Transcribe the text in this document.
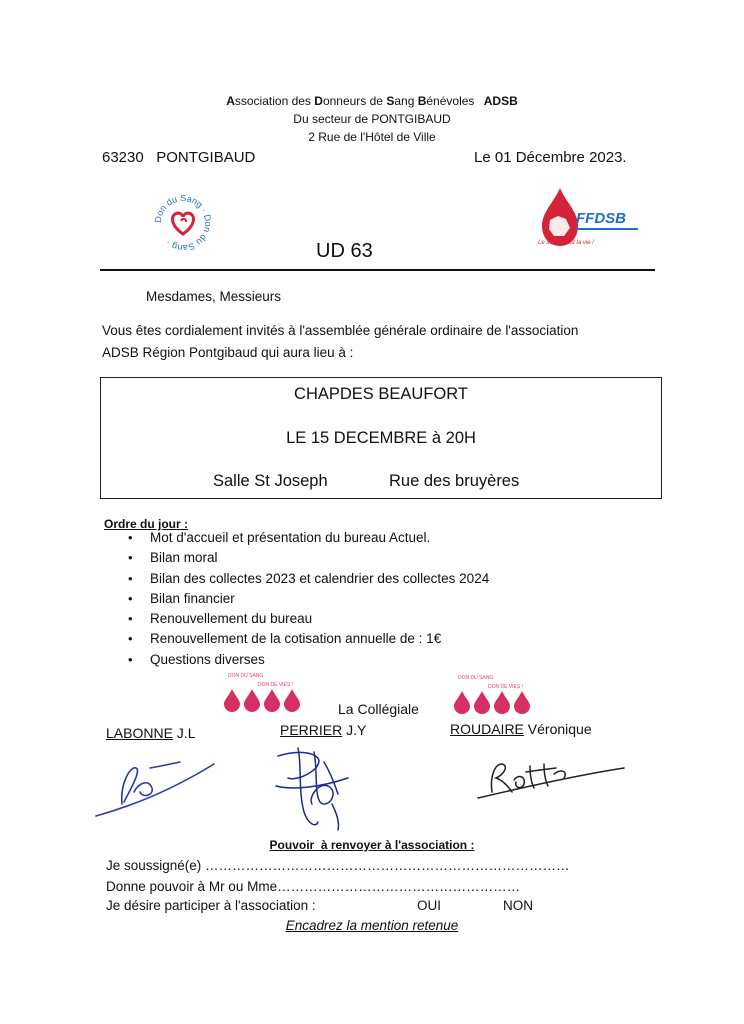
Association des Donneurs de Sang Bénévoles ADSB
Du secteur de PONTGIBAUD
2 Rue de l'Hôtel de Ville
63230   PONTGIBAUD	Le 01 Décembre 2023.
Don du Sang · Don du Sang ·
FFDSB
Le sang, c'est la vie !
UD 63
Mesdames, Messieurs
Vous êtes cordialement invités à l'assemblée générale ordinaire de l'association
ADSB Région Pontgibaud qui aura lieu à :
CHAPDES BEAUFORT
LE 15 DECEMBRE à 20H
Salle St Joseph	Rue des bruyères
Ordre du jour :
• Mot d'accueil et présentation du bureau Actuel.
• Bilan moral
• Bilan des collectes 2023 et calendrier des collectes 2024
• Bilan financier
• Renouvellement du bureau
• Renouvellement de la cotisation annuelle de : 1€
• Questions diverses
DON DU SANG
DON DE VIES !
DON DU SANG
DON DE VIES !
La Collégiale
LABONNE J.L	PERRIER J.Y	ROUDAIRE Véronique
Pouvoir  à renvoyer à l'association :
Je soussigné(e) ………………………………………………………………………
Donne pouvoir à Mr ou Mme………………………………………………
Je désire participer à l'association :	OUI	NON
Encadrez la mention retenue
